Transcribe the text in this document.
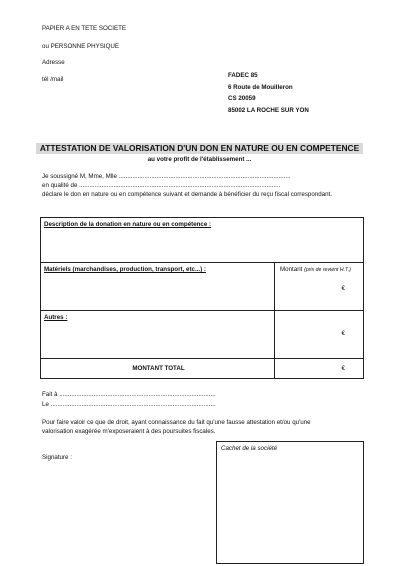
PAPIER A EN TETE SOCIETE
ou PERSONNE PHYSIQUE
Adresse
tél /mail
FADEC 85
6 Route de Mouilleron
CS 20059
85002 LA ROCHE SUR YON
ATTESTATION DE VALORISATION D'UN DON EN NATURE OU EN COMPETENCE
au votre profit de l'établissement ...
Je soussigné M, Mme, Mlle ....................................................................................................
en qualité de .....................................................................................................................
déclare le don en nature ou en compétence suivant et demande à bénéficier du reçu fiscal correspondant.
Description de la donation en nature ou en compétence :
Matériels (marchandises, production, transport, etc...) :	Montant (prix de revient H.T.)
€
Autres :
€
MONTANT TOTAL	€
Fait à ...........................................................................................
Le ................................................................................................
Pour faire valoir ce que de droit, ayant connaissance du fait qu'une fausse attestation et/ou qu'une
valorisation exagérée m'exposeraient à des poursuites fiscales.
Signature :
Cachet de la société
